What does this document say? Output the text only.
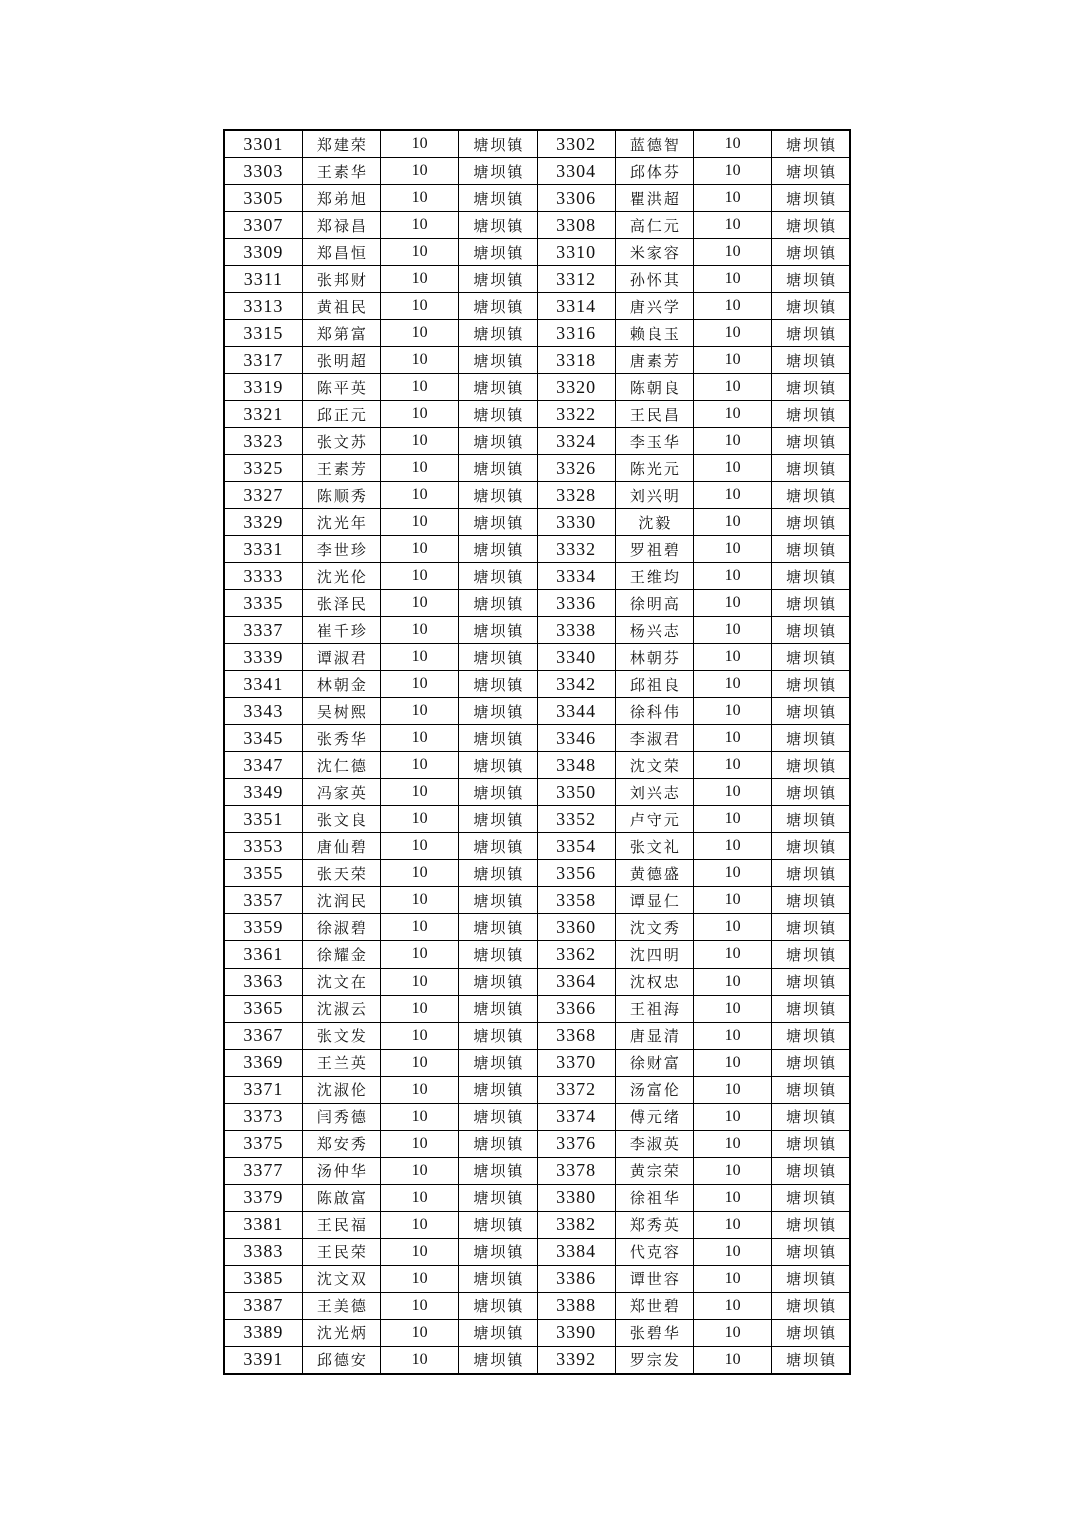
3301	郑建荣	10	塘坝镇	3302	蓝德智	10	塘坝镇
3303	王素华	10	塘坝镇	3304	邱体芬	10	塘坝镇
3305	郑弟旭	10	塘坝镇	3306	瞿洪超	10	塘坝镇
3307	郑禄昌	10	塘坝镇	3308	高仁元	10	塘坝镇
3309	郑昌恒	10	塘坝镇	3310	米家容	10	塘坝镇
3311	张邦财	10	塘坝镇	3312	孙怀其	10	塘坝镇
3313	黄祖民	10	塘坝镇	3314	唐兴学	10	塘坝镇
3315	郑第富	10	塘坝镇	3316	赖良玉	10	塘坝镇
3317	张明超	10	塘坝镇	3318	唐素芳	10	塘坝镇
3319	陈平英	10	塘坝镇	3320	陈朝良	10	塘坝镇
3321	邱正元	10	塘坝镇	3322	王民昌	10	塘坝镇
3323	张文苏	10	塘坝镇	3324	李玉华	10	塘坝镇
3325	王素芳	10	塘坝镇	3326	陈光元	10	塘坝镇
3327	陈顺秀	10	塘坝镇	3328	刘兴明	10	塘坝镇
3329	沈光年	10	塘坝镇	3330	沈毅	10	塘坝镇
3331	李世珍	10	塘坝镇	3332	罗祖碧	10	塘坝镇
3333	沈光伦	10	塘坝镇	3334	王维均	10	塘坝镇
3335	张泽民	10	塘坝镇	3336	徐明高	10	塘坝镇
3337	崔千珍	10	塘坝镇	3338	杨兴志	10	塘坝镇
3339	谭淑君	10	塘坝镇	3340	林朝芬	10	塘坝镇
3341	林朝金	10	塘坝镇	3342	邱祖良	10	塘坝镇
3343	吴树熙	10	塘坝镇	3344	徐科伟	10	塘坝镇
3345	张秀华	10	塘坝镇	3346	李淑君	10	塘坝镇
3347	沈仁德	10	塘坝镇	3348	沈文荣	10	塘坝镇
3349	冯家英	10	塘坝镇	3350	刘兴志	10	塘坝镇
3351	张文良	10	塘坝镇	3352	卢守元	10	塘坝镇
3353	唐仙碧	10	塘坝镇	3354	张文礼	10	塘坝镇
3355	张天荣	10	塘坝镇	3356	黄德盛	10	塘坝镇
3357	沈润民	10	塘坝镇	3358	谭显仁	10	塘坝镇
3359	徐淑碧	10	塘坝镇	3360	沈文秀	10	塘坝镇
3361	徐耀金	10	塘坝镇	3362	沈四明	10	塘坝镇
3363	沈文在	10	塘坝镇	3364	沈权忠	10	塘坝镇
3365	沈淑云	10	塘坝镇	3366	王祖海	10	塘坝镇
3367	张文发	10	塘坝镇	3368	唐显清	10	塘坝镇
3369	王兰英	10	塘坝镇	3370	徐财富	10	塘坝镇
3371	沈淑伦	10	塘坝镇	3372	汤富伦	10	塘坝镇
3373	闫秀德	10	塘坝镇	3374	傅元绪	10	塘坝镇
3375	郑安秀	10	塘坝镇	3376	李淑英	10	塘坝镇
3377	汤仲华	10	塘坝镇	3378	黄宗荣	10	塘坝镇
3379	陈啟富	10	塘坝镇	3380	徐祖华	10	塘坝镇
3381	王民福	10	塘坝镇	3382	郑秀英	10	塘坝镇
3383	王民荣	10	塘坝镇	3384	代克容	10	塘坝镇
3385	沈文双	10	塘坝镇	3386	谭世容	10	塘坝镇
3387	王美德	10	塘坝镇	3388	郑世碧	10	塘坝镇
3389	沈光炳	10	塘坝镇	3390	张碧华	10	塘坝镇
3391	邱德安	10	塘坝镇	3392	罗宗发	10	塘坝镇
